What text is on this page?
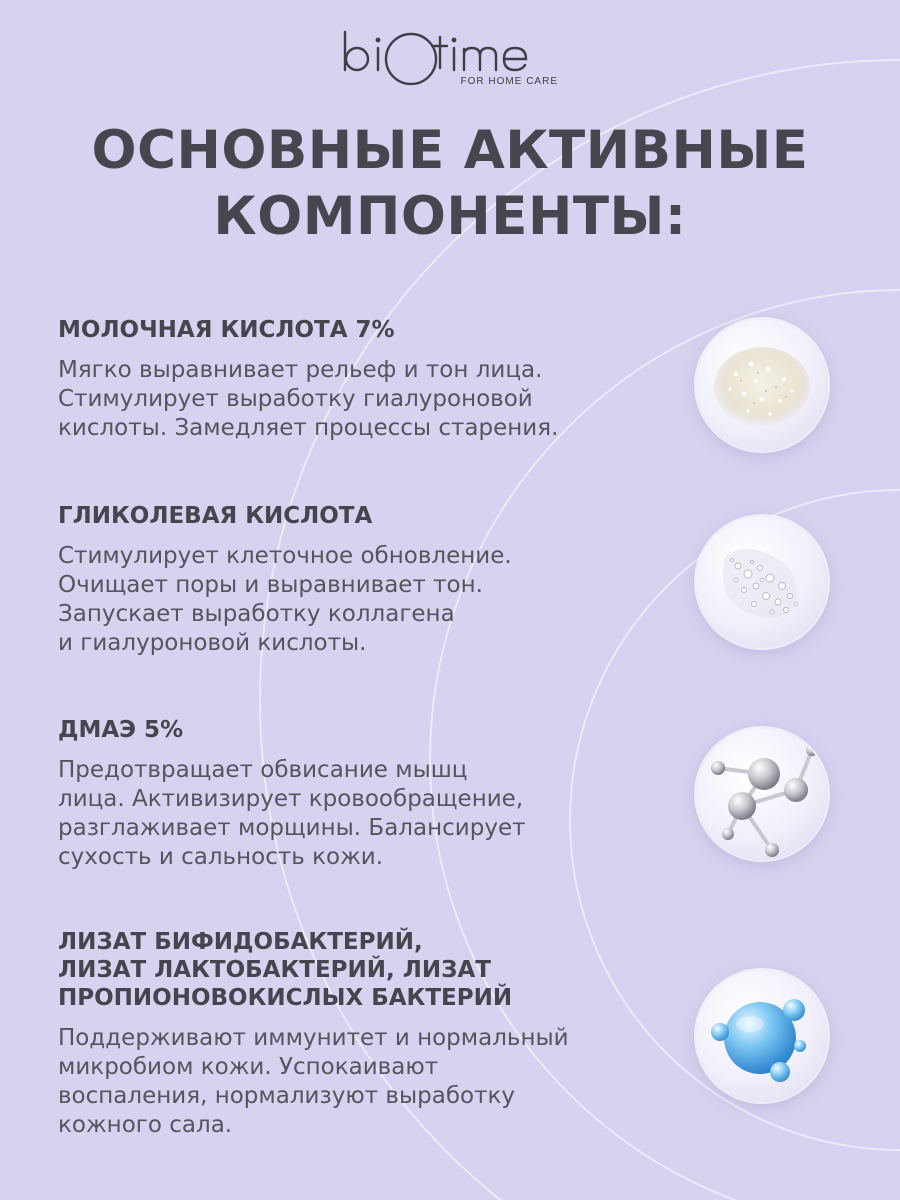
FOR HOME CARE
ОСНОВНЫЕ АКТИВНЫЕ
КОМПОНЕНТЫ:
МОЛОЧНАЯ КИСЛОТА 7%
Мягко выравнивает рельеф и тон лица.
Стимулирует выработку гиалуроновой
кислоты. Замедляет процессы старения.
ГЛИКОЛЕВАЯ КИСЛОТА
Стимулирует клеточное обновление.
Очищает поры и выравнивает тон.
Запускает выработку коллагена
и гиалуроновой кислоты.
ДМАЭ 5%
Предотвращает обвисание мышц
лица. Активизирует кровообращение,
разглаживает морщины. Балансирует
сухость и сальность кожи.
ЛИЗАТ БИФИДОБАКТЕРИЙ,
ЛИЗАТ ЛАКТОБАКТЕРИЙ, ЛИЗАТ
ПРОПИОНОВОКИСЛЫХ БАКТЕРИЙ
Поддерживают иммунитет и нормальный
микробиом кожи. Успокаивают
воспаления, нормализуют выработку
кожного сала.
